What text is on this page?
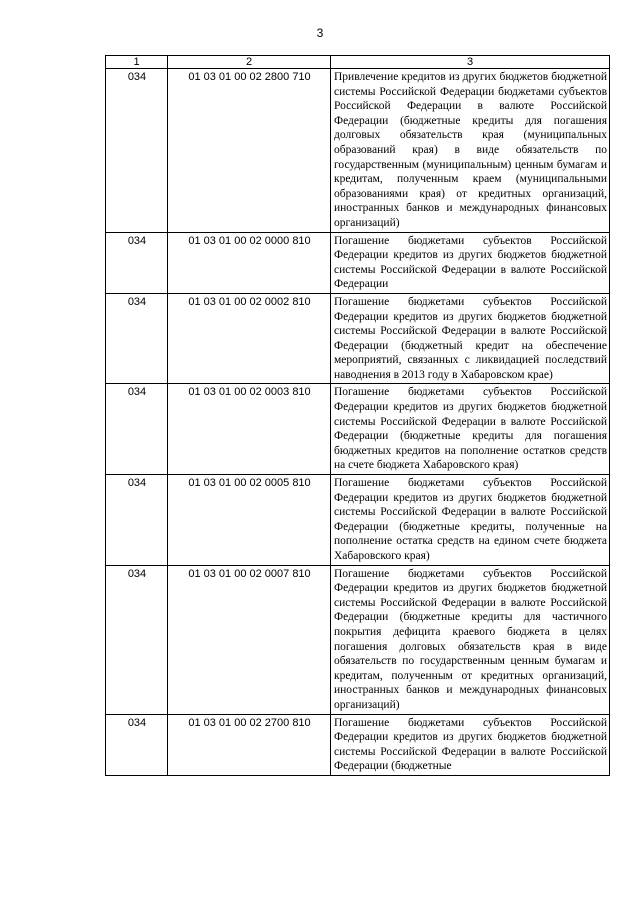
3
1	2	3
034	01 03 01 00 02 2800 710	Привлечение кредитов из других бюджетов бюджетной системы Российской Федерации бюджетами субъектов Российской Федерации в валюте Российской Федерации (бюджетные кредиты для погашения долговых обязательств края (муниципальных образований края) в виде обязательств по государственным (муниципальным) ценным бумагам и кредитам, полученным краем (муниципальными образованиями края) от кредитных организаций, иностранных банков и международных финансовых организаций)
034	01 03 01 00 02 0000 810	Погашение бюджетами субъектов Российской Федерации кредитов из других бюджетов бюджетной системы Российской Федерации в валюте Российской Федерации
034	01 03 01 00 02 0002 810	Погашение бюджетами субъектов Российской Федерации кредитов из других бюджетов бюджетной системы Российской Федерации в валюте Российской Федерации (бюджетный кредит на обеспечение мероприятий, связанных с ликвидацией последствий наводнения в 2013 году в Хабаровском крае)
034	01 03 01 00 02 0003 810	Погашение бюджетами субъектов Российской Федерации кредитов из других бюджетов бюджетной системы Российской Федерации в валюте Российской Федерации (бюджетные кредиты для погашения бюджетных кредитов на пополнение остатков средств на счете бюджета Хабаровского края)
034	01 03 01 00 02 0005 810	Погашение бюджетами субъектов Российской Федерации кредитов из других бюджетов бюджетной системы Российской Федерации в валюте Российской Федерации (бюджетные кредиты, полученные на пополнение остатка средств на едином счете бюджета Хабаровского края)
034	01 03 01 00 02 0007 810	Погашение бюджетами субъектов Российской Федерации кредитов из других бюджетов бюджетной системы Российской Федерации в валюте Российской Федерации (бюджетные кредиты для частичного покрытия дефицита краевого бюджета в целях погашения долговых обязательств края в виде обязательств по государственным ценным бумагам и кредитам, полученным от кредитных организаций, иностранных банков и международных финансовых организаций)
034	01 03 01 00 02 2700 810	Погашение бюджетами субъектов Российской Федерации кредитов из других бюджетов бюджетной системы Российской Федерации в валюте Российской Федерации (бюджетные
